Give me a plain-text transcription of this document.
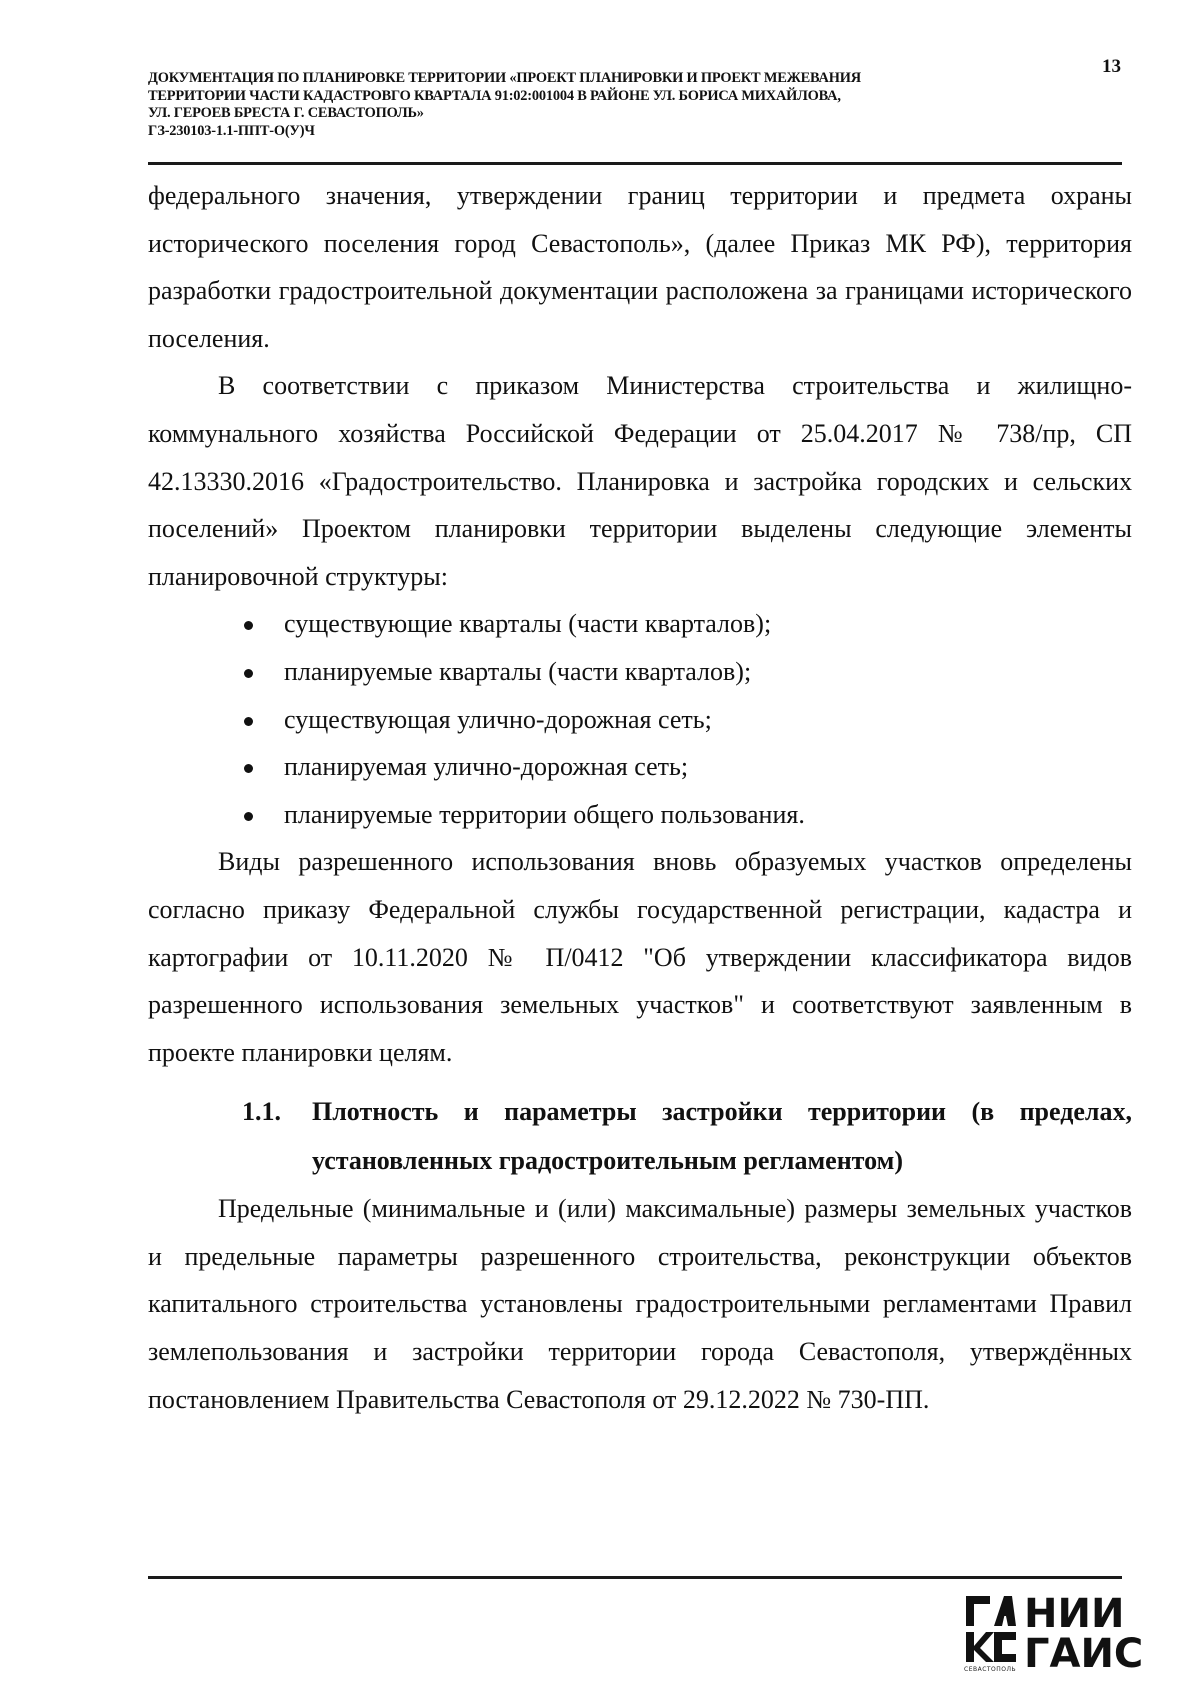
ДОКУМЕНТАЦИЯ ПО ПЛАНИРОВКЕ ТЕРРИТОРИИ «ПРОЕКТ ПЛАНИРОВКИ И ПРОЕКТ МЕЖЕВАНИЯ
ТЕРРИТОРИИ ЧАСТИ КАДАСТРОВГО КВАРТАЛА 91:02:001004 В РАЙОНЕ УЛ. БОРИСА МИХАЙЛОВА,
УЛ. ГЕРОЕВ БРЕСТА Г. СЕВАСТОПОЛЬ»
ГЗ-230103-1.1-ППТ-О(У)Ч
13

федерального значения, утверждении границ территории и предмета охраны исторического поселения город Севастополь», (далее Приказ МК РФ), территория разработки градостроительной документации расположена за границами исторического поселения.

В соответствии с приказом Министерства строительства и жилищно-коммунального хозяйства Российской Федерации от 25.04.2017 № 738/пр, СП 42.13330.2016 «Градостроительство. Планировка и застройка городских и сельских поселений» Проектом планировки территории выделены следующие элементы планировочной структуры:

существующие кварталы (части кварталов);
планируемые кварталы (части кварталов);
существующая улично-дорожная сеть;
планируемая улично-дорожная сеть;
планируемые территории общего пользования.

Виды разрешенного использования вновь образуемых участков определены согласно приказу Федеральной службы государственной регистрации, кадастра и картографии от 10.11.2020 № П/0412 "Об утверждении классификатора видов разрешенного использования земельных участков" и соответствуют заявленным в проекте планировки целям.

1.1. Плотность и параметры застройки территории (в пределах, установленных градостроительным регламентом)

Предельные (минимальные и (или) максимальные) размеры земельных участков и предельные параметры разрешенного строительства, реконструкции объектов капитального строительства установлены градостроительными регламентами Правил землепользования и застройки территории города Севастополя, утверждённых постановлением Правительства Севастополя от 29.12.2022 № 730-ПП.

СЕВАСТОПОЛЬ
НИИ
ГАИС
